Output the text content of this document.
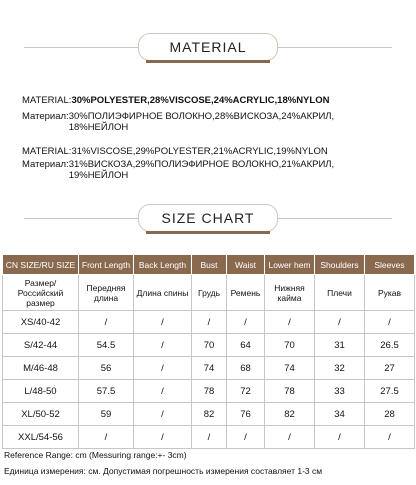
MATERIAL
MATERIAL: 30%POLYESTER,28%VISCOSE,24%ACRYLIC,18%NYLON
Материал: 30%ПОЛИЭФИРНОЕ ВОЛОКНО,28%ВИСКОЗА,24%АКРИЛ, 18%НЕЙЛОН
MATERIAL: 31%VISCOSE,29%POLYESTER,21%ACRYLIC,19%NYLON
Материал: 31%ВИСКОЗА,29%ПОЛИЭФИРНОЕ ВОЛОКНО,21%АКРИЛ, 19%НЕЙЛОН
SIZE CHART
CN SIZE/RU SIZE	Front Length	Back Length	Bust	Waist	Lower hem	Shoulders	Sleeves
Размер/Российский размер	Передняя длина	Длина спины	Грудь	Ремень	Нижняя кайма	Плечи	Рукав
XS/40-42	/	/	/	/	/	/	/
S/42-44	54.5	/	70	64	70	31	26.5
M/46-48	56	/	74	68	74	32	27
L/48-50	57.5	/	78	72	78	33	27.5
XL/50-52	59	/	82	76	82	34	28
XXL/54-56	/	/	/	/	/	/	/
Reference Range: cm (Messuring range:+- 3cm)
Единица измерения: см. Допустимая погрешность измерения составляет 1-3 см
